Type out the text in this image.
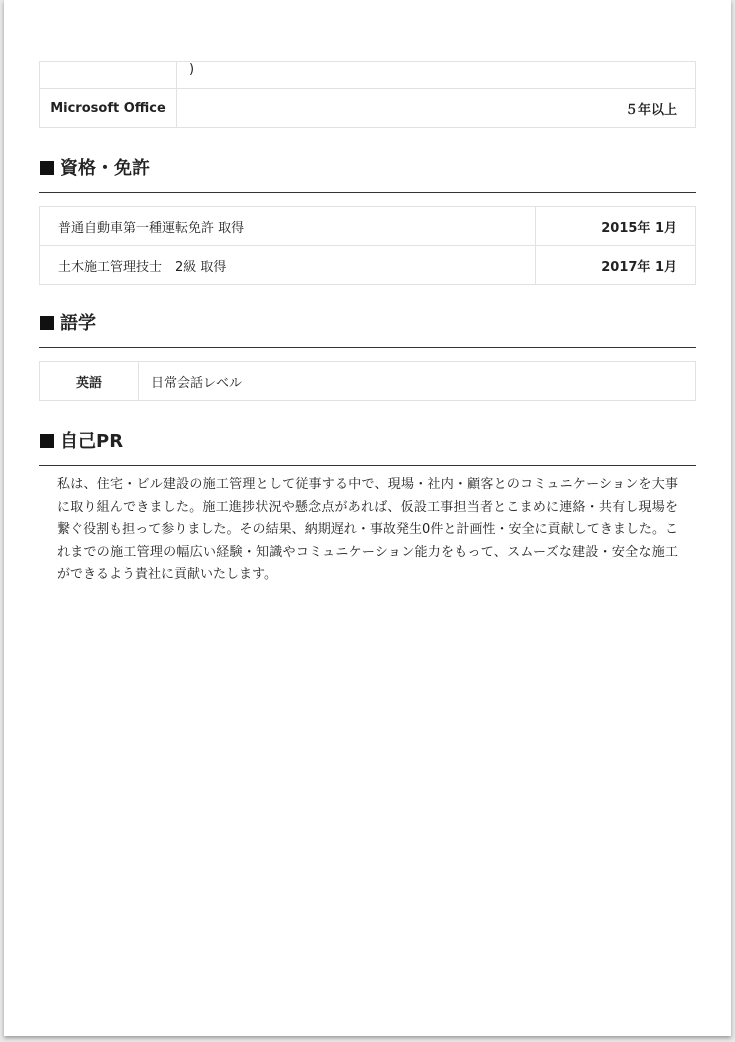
	)
Microsoft Office	５年以上
資格・免許
普通自動車第一種運転免許 取得	2015年 1月
土木施工管理技士　2級 取得	2017年 1月
語学
英語	日常会話レベル
自己PR
私は、住宅・ビル建設の施工管理として従事する中で、現場・社内・顧客とのコミュニケーションを大事に取り組んできました。施工進捗状況や懸念点があれば、仮設工事担当者とこまめに連絡・共有し現場を繋ぐ役割も担って参りました。その結果、納期遅れ・事故発生0件と計画性・安全に貢献してきました。これまでの施工管理の幅広い経験・知識やコミュニケーション能力をもって、スムーズな建設・安全な施工ができるよう貴社に貢献いたします。
